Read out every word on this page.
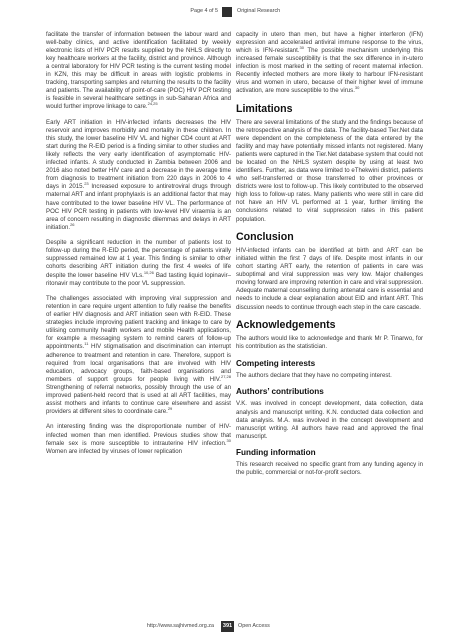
Page 4 of 5	Original Research

facilitate the transfer of information between the labour ward and well-baby clinics, and active identification facilitated by weekly electronic lists of HIV PCR results supplied by the NHLS directly to key healthcare workers at the facility, district and province. Although a central laboratory for HIV PCR testing is the current testing model in KZN, this may be difficult in areas with logistic problems in tracking, transporting samples and returning the results to the facility and patients. The availability of point-of-care (POC) HIV PCR testing is feasible in several healthcare settings in sub-Saharan Africa and would further improve linkage to care.$^{24,25}$

Early ART initiation in HIV-infected infants decreases the HIV reservoir and improves morbidity and mortality in these children. In this study, the lower baseline HIV VL and higher CD4 count at ART start during the R-EID period is a finding similar to other studies and likely reflects the very early identification of asymptomatic HIV-infected infants. A study conducted in Zambia between 2006 and 2016 also noted better HIV care and a decrease in the average time from diagnosis to treatment initiation from 220 days in 2006 to 4 days in 2015.23 Increased exposure to antiretroviral drugs through maternal ART and infant prophylaxis is an additional factor that may have contributed to the lower baseline HIV VL. The performance of POC HIV PCR testing in patients with low-level HIV viraemia is an area of concern resulting in diagnostic dilemmas and delays in ART initiation.$^{26}$

Despite a significant reduction in the number of patients lost to follow-up during the R-EID period, the percentage of patients virally suppressed remained low at 1 year. This finding is similar to other cohorts describing ART initiation during the first 4 weeks of life despite the lower baseline HIV VLs.$^{10,26}$ Bad tasting liquid lopinavir–ritonavir may contribute to the poor VL suppression.

The challenges associated with improving viral suppression and retention in care require urgent attention to fully realise the benefits of earlier HIV diagnosis and ART initiation seen with R-EID. These strategies include improving patient tracking and linkage to care by utilising community health workers and mobile Health applications, for example a messaging system to remind carers of follow-up appointments.$^{11}$ HIV stigmatisation and discrimination can interrupt adherence to treatment and retention in care. Therefore, support is required from local organisations that are involved with HIV education, advocacy groups, faith-based organisations and members of support groups for people living with HIV.$^{27,28}$ Strengthening of referral networks, possibly through the use of an improved patient-held record that is used at all ART facilities, may assist mothers and infants to continue care elsewhere and assist providers at different sites to coordinate care.$^{29}$

An interesting finding was the disproportionate number of HIV-infected women than men identified. Previous studies show that female sex is more susceptible to intrauterine HIV infection.$^{30}$ Women are infected by viruses of lower replication

capacity in utero than men, but have a higher interferon (IFN) expression and accelerated antiviral immune response to the virus, which is IFN-resistant.$^{30}$ The possible mechanism underlying this increased female susceptibility is that the sex difference in in-utero infection is most marked in the setting of recent maternal infection. Recently infected mothers are more likely to harbour IFN-resistant virus and women in utero, because of their higher level of immune activation, are more susceptible to the virus.$^{30}$

Limitations

There are several limitations of the study and the findings because of the retrospective analysis of the data. The facility-based Tier.Net data were dependent on the completeness of the data entered by the facility and may have potentially missed infants not registered. Many patients were captured in the Tier.Net database system that could not be located on the NHLS system despite by using at least two identifiers. Further, as data were limited to eThekwini district, patients who self-transferred or those transferred to other provinces or districts were lost to follow-up. This likely contributed to the observed high loss to follow-up rates. Many patients who were still in care did not have an HIV VL performed at 1 year, further limiting the conclusions related to viral suppression rates in this patient population.

Conclusion

HIV-infected infants can be identified at birth and ART can be initiated within the first 7 days of life. Despite most infants in our cohort starting ART early, the retention of patients in care was suboptimal and viral suppression was very low. Major challenges moving forward are improving retention in care and viral suppression. Adequate maternal counselling during antenatal care is essential and needs to include a clear explanation about EID and infant ART. This discussion needs to continue through each step in the care cascade.

Acknowledgements

The authors would like to acknowledge and thank Mr P. Tinarwo, for his contribution as the statistician.

Competing interests

The authors declare that they have no competing interest.

Authors’ contributions

V.K. was involved in concept development, data collection, data analysis and manuscript writing. K.N. conducted data collection and data analysis. M.A. was involved in the concept development and manuscript writing. All authors have read and approved the final manuscript.

Funding information

This research received no specific grant from any funding agency in the public, commercial or not-for-profit sectors.

http://www.sajhivmed.org.za	391	Open Access
